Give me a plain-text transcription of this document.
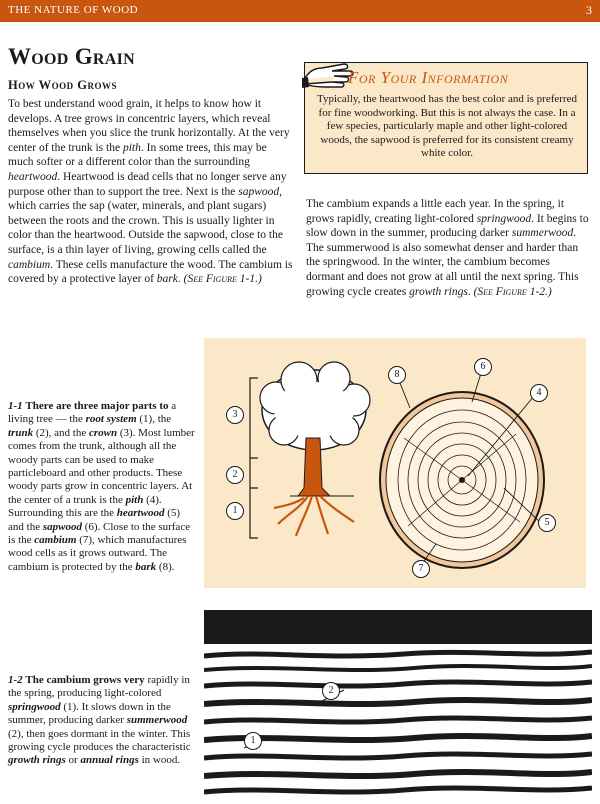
THE NATURE OF WOOD	3
Wood Grain
How Wood Grows

To best understand wood grain, it helps to know how it develops. A tree grows in concentric layers, which reveal themselves when you slice the trunk horizontally. At the very center of the trunk is the pith. In some trees, this may be much softer or a different color than the surrounding heartwood. Heartwood is dead cells that no longer serve any purpose other than to support the tree. Next is the sapwood, which carries the sap (water, minerals, and plant sugars) between the roots and the crown. This is usually lighter in color than the heartwood. Outside the sapwood, close to the surface, is a thin layer of living, growing cells called the cambium. These cells manufacture the wood. The cambium is covered by a protective layer of bark. (See Figure 1-1.)

For Your Information

Typically, the heartwood has the best color and is preferred for fine woodworking. But this is not always the case. In a few species, particularly maple and other light-colored woods, the sapwood is preferred for its consistent creamy white color.

The cambium expands a little each year. In the spring, it grows rapidly, creating light-colored springwood. It begins to slow down in the summer, producing darker summerwood. The summerwood is also somewhat denser and harder than the springwood. In the winter, the cambium becomes dormant and does not grow at all until the next spring. This growing cycle creates growth rings. (See Figure 1-2.)

3
2
1
8
6
4
5
7

1-1 There are three major parts to a living tree — the root system (1), the trunk (2), and the crown (3). Most lumber comes from the trunk, although all the woody parts can be used to make particleboard and other products. These woody parts grow in concentric layers. At the center of a trunk is the pith (4). Surrounding this are the heartwood (5) and the sapwood (6). Close to the surface is the cambium (7), which manufactures wood cells as it grows outward. The cambium is protected by the bark (8).

2
1

1-2 The cambium grows very rapidly in the spring, producing light-colored springwood (1). It slows down in the summer, producing darker summerwood (2), then goes dormant in the winter. This growing cycle produces the characteristic growth rings or annual rings in wood.
